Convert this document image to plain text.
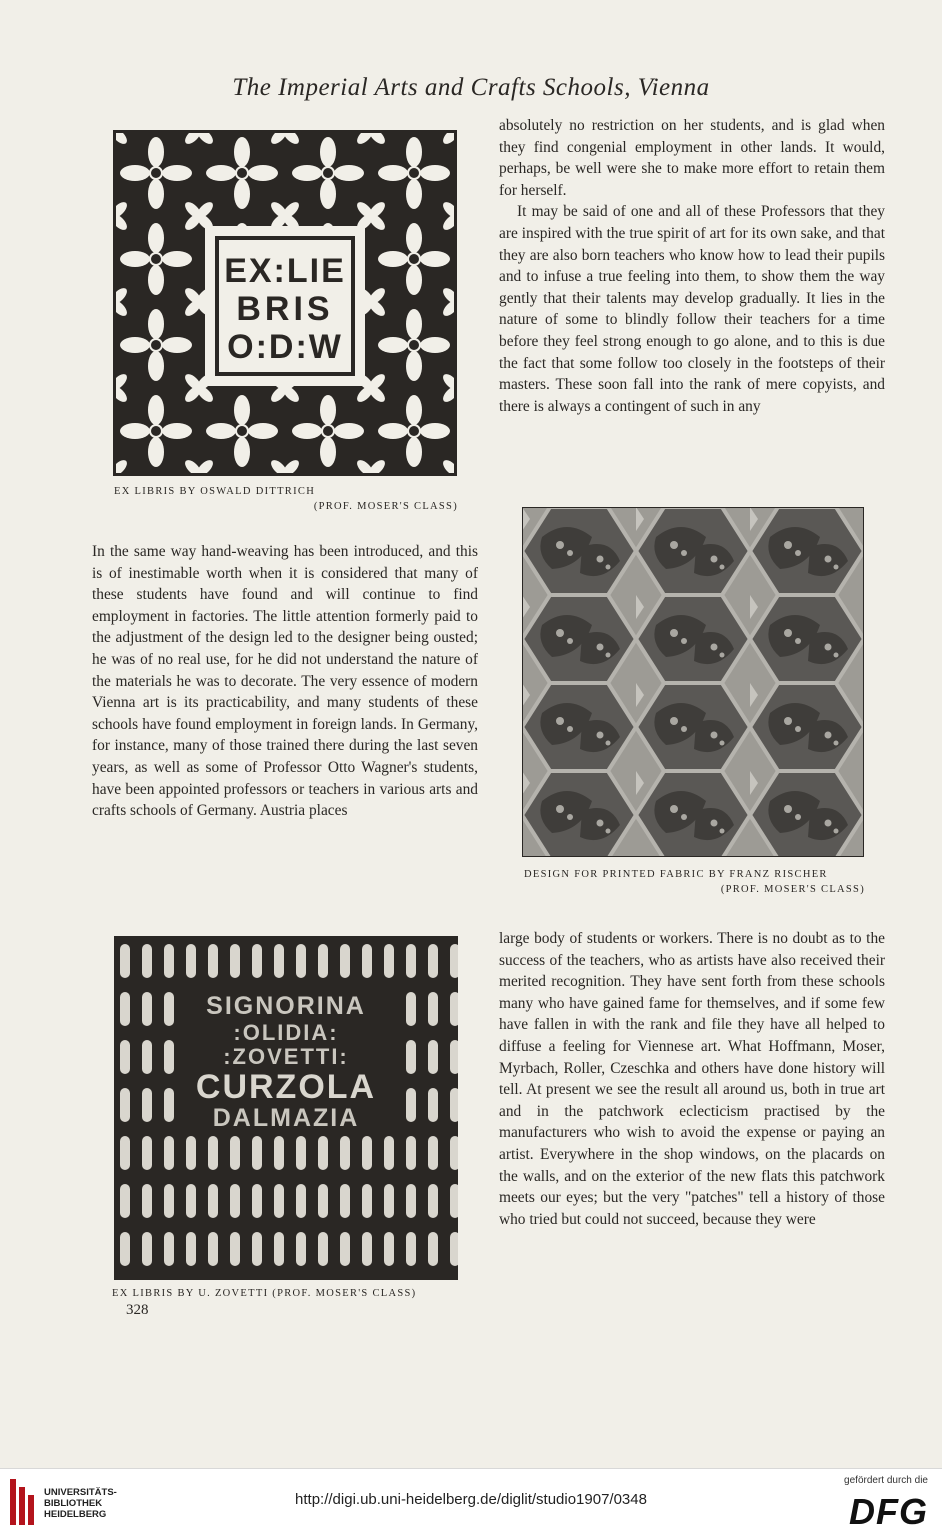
The Imperial Arts and Crafts Schools, Vienna
EX:LIE
BRIS
O:D:W
EX LIBRIS BY OSWALD DITTRICH
(PROF. MOSER'S CLASS)

absolutely no restriction on her students, and is glad when they find congenial employment in other lands. It would, perhaps, be well were she to make more effort to retain them for herself.

It may be said of one and all of these Professors that they are inspired with the true spirit of art for its own sake, and that they are also born teachers who know how to lead their pupils and to infuse a true feeling into them, to show them the way gently that their talents may develop gradually. It lies in the nature of some to blindly follow their teachers for a time before they feel strong enough to go alone, and to this is due the fact that some follow too closely in the footsteps of their masters. These soon fall into the rank of mere copyists, and there is always a contingent of such in any

DESIGN FOR PRINTED FABRIC BY FRANZ RISCHER
(PROF. MOSER'S CLASS)

In the same way hand-weaving has been introduced, and this is of inestimable worth when it is considered that many of these students have found and will continue to find employment in factories. The little attention formerly paid to the adjustment of the design led to the designer being ousted; he was of no real use, for he did not understand the nature of the materials he was to decorate. The very essence of modern Vienna art is its practicability, and many students of these schools have found employment in foreign lands. In Germany, for instance, many of those trained there during the last seven years, as well as some of Professor Otto Wagner's students, have been appointed professors or teachers in various arts and crafts schools of Germany. Austria places

SIGNORINA
:OLIDIA:
:ZOVETTI:
CURZOLA
DALMAZIA
EX LIBRIS BY U. ZOVETTI (PROF. MOSER'S CLASS)
328

large body of students or workers. There is no doubt as to the success of the teachers, who as artists have also received their merited recognition. They have sent forth from these schools many who have gained fame for themselves, and if some few have fallen in with the rank and file they have all helped to diffuse a feeling for Viennese art. What Hoffmann, Moser, Myrbach, Roller, Czeschka and others have done history will tell. At present we see the result all around us, both in true art and in the patchwork eclecticism practised by the manufacturers who wish to avoid the expense or paying an artist. Everywhere in the shop windows, on the placards on the walls, and on the exterior of the new flats this patchwork meets our eyes; but the very "patches" tell a history of those who tried but could not succeed, because they were

UNIVERSITÄTS-
BIBLIOTHEK
HEIDELBERG
http://digi.ub.uni-heidelberg.de/diglit/studio1907/0348
gefördert durch die
DFG
